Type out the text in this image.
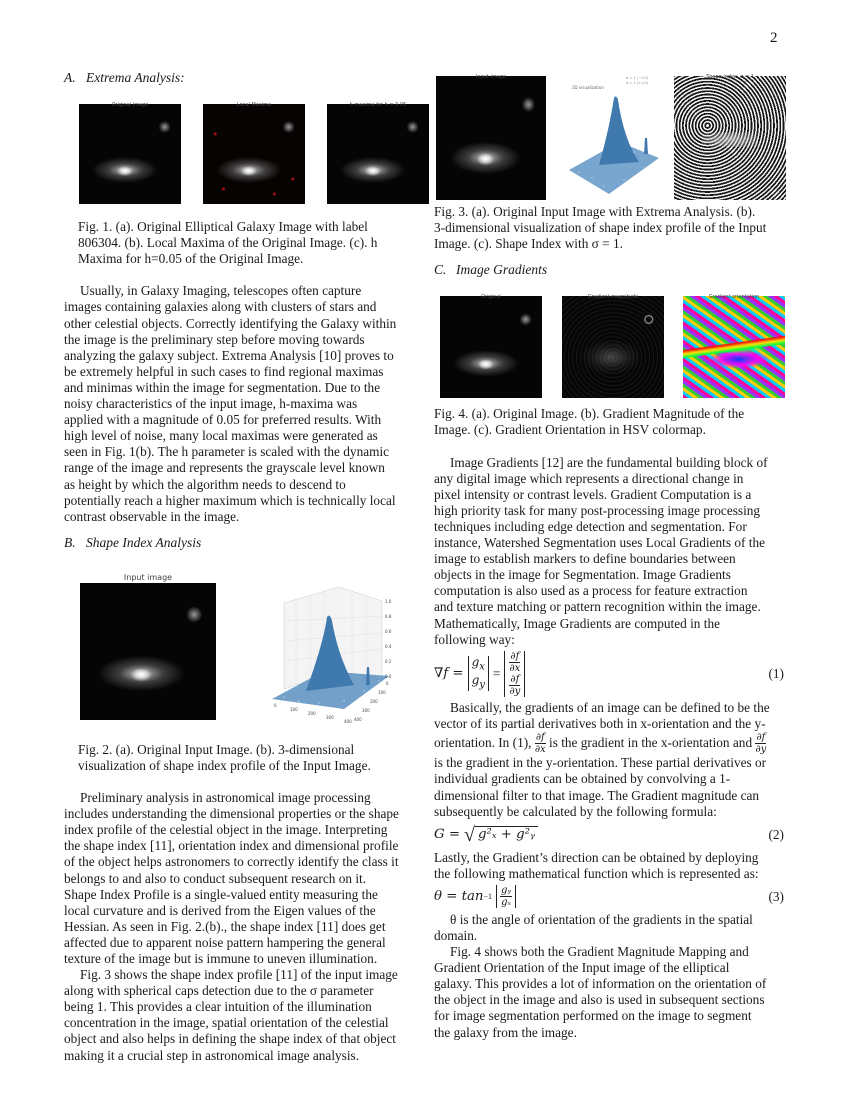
2
A. Extrema Analysis:
Original image	Local Maxima	h maxima for h = 0.05
Fig. 1. (a). Original Elliptical Galaxy Image with label
806304. (b). Local Maxima of the Original Image. (c). h
Maxima for h=0.05 of the Original Image.
Usually, in Galaxy Imaging, telescopes often capture
images containing galaxies along with clusters of stars and
other celestial objects. Correctly identifying the Galaxy within
the image is the preliminary step before moving towards
analyzing the galaxy subject. Extrema Analysis [10] proves to
be extremely helpful in such cases to find regional maximas
and minimas within the image for segmentation. Due to the
noisy characteristics of the input image, h-maxima was
applied with a magnitude of 0.05 for preferred results. With
high level of noise, many local maximas were generated as
seen in Fig. 1(b). The h parameter is scaled with the dynamic
range of the image and represents the grayscale level known
as height by which the algorithm needs to descend to
potentially reach a higher maximum which is technically local
contrast observable in the image.
B. Shape Index Analysis
Input image
1.0
0.8
0.6
0.4
0.2
0.0
0
100
200
300
400
0
100
200
300
400
Fig. 2. (a). Original Input Image. (b). 3-dimensional
visualization of shape index profile of the Input Image.
Preliminary analysis in astronomical image processing
includes understanding the dimensional properties or the shape
index profile of the celestial object in the image. Interpreting
the shape index [11], orientation index and dimensional profile
of the object helps astronomers to correctly identify the class it
belongs to and also to conduct subsequent research on it.
Shape Index Profile is a single-valued entity measuring the
local curvature and is derived from the Eigen values of the
Hessian. As seen in Fig. 2.(b)., the shape index [11] does get
affected due to apparent noise pattern hampering the general
texture of the image but is immune to uneven illumination.
Fig. 3 shows the shape index profile [11] of the input image
along with spherical caps detection due to the σ parameter
being 1. This provides a clear intuition of the illumination
concentration in the image, spatial orientation of the celestial
object and also helps in defining the shape index of that object
making it a crucial step in astronomical image analysis.
Input image
3D visualization
σ = 1 (−1.0)
σ = 1 (+1.0)
Shape index, σ = 1
Fig. 3. (a). Original Input Image with Extrema Analysis. (b).
3-dimensional visualization of shape index profile of the Input
Image. (c). Shape Index with σ = 1.
C. Image Gradients
Original	Gradient magnitude	Gradient orientation
Fig. 4. (a). Original Image. (b). Gradient Magnitude of the
Image. (c). Gradient Orientation in HSV colormap.
Image Gradients [12] are the fundamental building block of
any digital image which represents a directional change in
pixel intensity or contrast levels. Gradient Computation is a
high priority task for many post-processing image processing
techniques including edge detection and segmentation. For
instance, Watershed Segmentation uses Local Gradients of the
image to establish markers to define boundaries between
objects in the image for Segmentation. Image Gradients
computation is also used as a process for feature extraction
and texture matching or pattern recognition within the image.
Mathematically, Image Gradients are computed in the
following way:
∇f =
$g_x$
$g_y$
=
∂f
∂x
∂f
∂y
(1)
Basically, the gradients of an image can be defined to be the
vector of its partial derivatives both in x-orientation and the y-
orientation. In (1), $\frac{\partial f}{\partial x}$ is the gradient in the x-orientation and $\frac{\partial f}{\partial y}$
is the gradient in the y-orientation. These partial derivatives or
individual gradients can be obtained by convolving a 1-
dimensional filter to that image. The Gradient magnitude can
subsequently be calculated by the following formula:
G = √ g²ₓ + g²ᵧ	(2)
Lastly, the Gradient’s direction can be obtained by deploying
the following mathematical function which is represented as:
$\theta = \tan -1 \frac{\text{gᵧ}}{\text{gₓ}}$	(3)
θ is the angle of orientation of the gradients in the spatial
domain.
Fig. 4 shows both the Gradient Magnitude Mapping and
Gradient Orientation of the Input image of the elliptical
galaxy. This provides a lot of information on the orientation of
the object in the image and also is used in subsequent sections
for image segmentation performed on the image to segment
the galaxy from the image.
